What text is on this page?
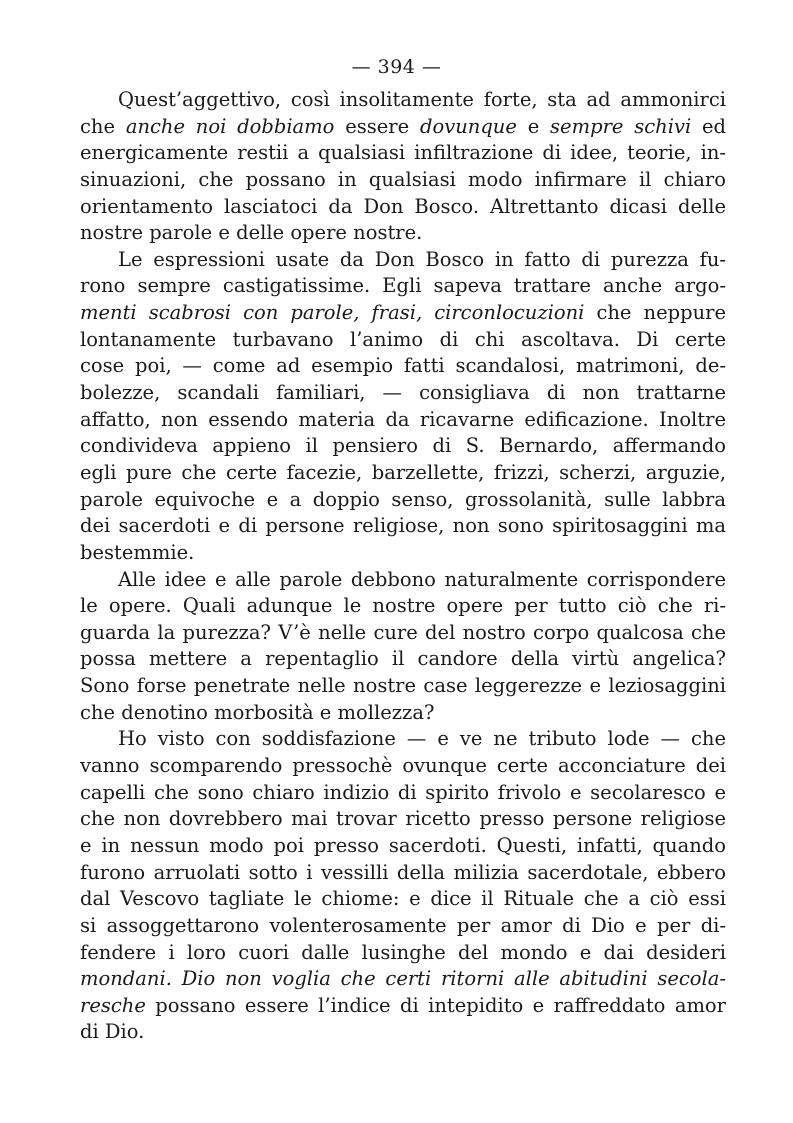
— 394 —
Quest’aggettivo, così insolitamente forte, sta ad ammonirci
che anche noi dobbiamo essere dovunque e sempre schivi ed
energicamente restii a qualsiasi infiltrazione di idee, teorie, in-
sinuazioni, che possano in qualsiasi modo infirmare il chiaro
orientamento lasciatoci da Don Bosco. Altrettanto dicasi delle
nostre parole e delle opere nostre.
Le espressioni usate da Don Bosco in fatto di purezza fu-
rono sempre castigatissime. Egli sapeva trattare anche argo-
menti scabrosi con parole, frasi, circonlocuzioni che neppure
lontanamente turbavano l’animo di chi ascoltava. Di certe
cose poi, — come ad esempio fatti scandalosi, matrimoni, de-
bolezze, scandali familiari, — consigliava di non trattarne
affatto, non essendo materia da ricavarne edificazione. Inoltre
condivideva appieno il pensiero di S. Bernardo, affermando
egli pure che certe facezie, barzellette, frizzi, scherzi, arguzie,
parole equivoche e a doppio senso, grossolanità, sulle labbra
dei sacerdoti e di persone religiose, non sono spiritosaggini ma
bestemmie.
Alle idee e alle parole debbono naturalmente corrispondere
le opere. Quali adunque le nostre opere per tutto ciò che ri-
guarda la purezza? V’è nelle cure del nostro corpo qualcosa che
possa mettere a repentaglio il candore della virtù angelica?
Sono forse penetrate nelle nostre case leggerezze e leziosaggini
che denotino morbosità e mollezza?
Ho visto con soddisfazione — e ve ne tributo lode — che
vanno scomparendo pressochè ovunque certe acconciature dei
capelli che sono chiaro indizio di spirito frivolo e secolaresco e
che non dovrebbero mai trovar ricetto presso persone religiose
e in nessun modo poi presso sacerdoti. Questi, infatti, quando
furono arruolati sotto i vessilli della milizia sacerdotale, ebbero
dal Vescovo tagliate le chiome: e dice il Rituale che a ciò essi
si assoggettarono volenterosamente per amor di Dio e per di-
fendere i loro cuori dalle lusinghe del mondo e dai desideri
mondani. Dio non voglia che certi ritorni alle abitudini secola-
resche possano essere l’indice di intepidito e raffreddato amor
di Dio.
